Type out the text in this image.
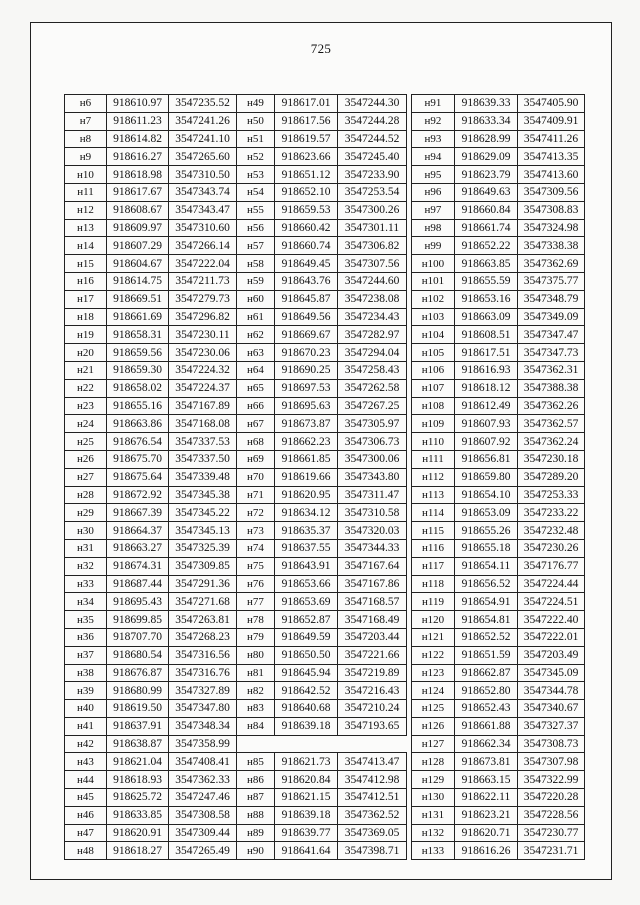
725
н6	918610.97	3547235.52
н7	918611.23	3547241.26
н8	918614.82	3547241.10
н9	918616.27	3547265.60
н10	918618.98	3547310.50
н11	918617.67	3547343.74
н12	918608.67	3547343.47
н13	918609.97	3547310.60
н14	918607.29	3547266.14
н15	918604.67	3547222.04
н16	918614.75	3547211.73
н17	918669.51	3547279.73
н18	918661.69	3547296.82
н19	918658.31	3547230.11
н20	918659.56	3547230.06
н21	918659.30	3547224.32
н22	918658.02	3547224.37
н23	918655.16	3547167.89
н24	918663.86	3547168.08
н25	918676.54	3547337.53
н26	918675.70	3547337.50
н27	918675.64	3547339.48
н28	918672.92	3547345.38
н29	918667.39	3547345.22
н30	918664.37	3547345.13
н31	918663.27	3547325.39
н32	918674.31	3547309.85
н33	918687.44	3547291.36
н34	918695.43	3547271.68
н35	918699.85	3547263.81
н36	918707.70	3547268.23
н37	918680.54	3547316.56
н38	918676.87	3547316.76
н39	918680.99	3547327.89
н40	918619.50	3547347.80
н41	918637.91	3547348.34
н42	918638.87	3547358.99
н43	918621.04	3547408.41
н44	918618.93	3547362.33
н45	918625.72	3547247.46
н46	918633.85	3547308.58
н47	918620.91	3547309.44
н48	918618.27	3547265.49
н49	918617.01	3547244.30
н50	918617.56	3547244.28
н51	918619.57	3547244.52
н52	918623.66	3547245.40
н53	918651.12	3547233.90
н54	918652.10	3547253.54
н55	918659.53	3547300.26
н56	918660.42	3547301.11
н57	918660.74	3547306.82
н58	918649.45	3547307.56
н59	918643.76	3547244.60
н60	918645.87	3547238.08
н61	918649.56	3547234.43
н62	918669.67	3547282.97
н63	918670.23	3547294.04
н64	918690.25	3547258.43
н65	918697.53	3547262.58
н66	918695.63	3547267.25
н67	918673.87	3547305.97
н68	918662.23	3547306.73
н69	918661.85	3547300.06
н70	918619.66	3547343.80
н71	918620.95	3547311.47
н72	918634.12	3547310.58
н73	918635.37	3547320.03
н74	918637.55	3547344.33
н75	918643.91	3547167.64
н76	918653.66	3547167.86
н77	918653.69	3547168.57
н78	918652.87	3547168.49
н79	918649.59	3547203.44
н80	918650.50	3547221.66
н81	918645.94	3547219.89
н82	918642.52	3547216.43
н83	918640.68	3547210.24
н84	918639.18	3547193.65

н85	918621.73	3547413.47
н86	918620.84	3547412.98
н87	918621.15	3547412.51
н88	918639.18	3547362.52
н89	918639.77	3547369.05
н90	918641.64	3547398.71
н91	918639.33	3547405.90
н92	918633.34	3547409.91
н93	918628.99	3547411.26
н94	918629.09	3547413.35
н95	918623.79	3547413.60
н96	918649.63	3547309.56
н97	918660.84	3547308.83
н98	918661.74	3547324.98
н99	918652.22	3547338.38
н100	918663.85	3547362.69
н101	918655.59	3547375.77
н102	918653.16	3547348.79
н103	918663.09	3547349.09
н104	918608.51	3547347.47
н105	918617.51	3547347.73
н106	918616.93	3547362.31
н107	918618.12	3547388.38
н108	918612.49	3547362.26
н109	918607.93	3547362.57
н110	918607.92	3547362.24
н111	918656.81	3547230.18
н112	918659.80	3547289.20
н113	918654.10	3547253.33
н114	918653.09	3547233.22
н115	918655.26	3547232.48
н116	918655.18	3547230.26
н117	918654.11	3547176.77
н118	918656.52	3547224.44
н119	918654.91	3547224.51
н120	918654.81	3547222.40
н121	918652.52	3547222.01
н122	918651.59	3547203.49
н123	918662.87	3547345.09
н124	918652.80	3547344.78
н125	918652.43	3547340.67
н126	918661.88	3547327.37
н127	918662.34	3547308.73
н128	918673.81	3547307.98
н129	918663.15	3547322.99
н130	918622.11	3547220.28
н131	918623.21	3547228.56
н132	918620.71	3547230.77
н133	918616.26	3547231.71
